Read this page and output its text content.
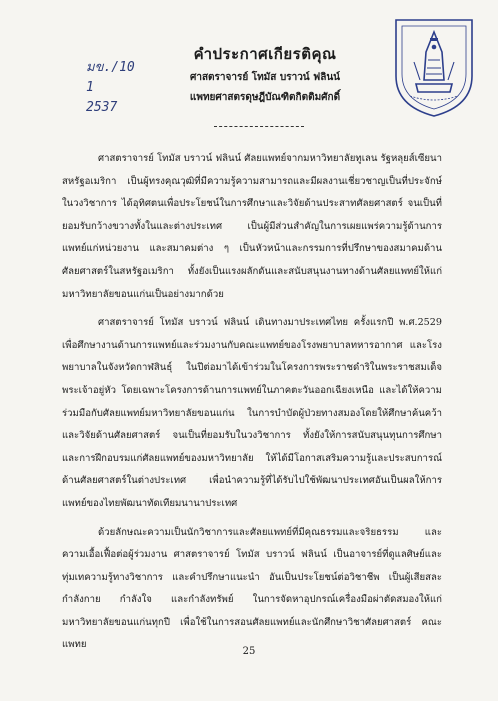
มข./10
1
2537
คำประกาศเกียรติคุณ
ศาสตราจารย์ โทมัส บราวน์ ฟลินน์
แพทยศาสตรดุษฎีบัณฑิตกิตติมศักดิ์

ศาสตราจารย์ โทมัส บราวน์ ฟลินน์ ศัลยแพทย์จากมหาวิทยาลัยทูเลน รัฐหลุยส์เซียนา สหรัฐอเมริกา เป็นผู้ทรงคุณวุฒิที่มีความรู้ความสามารถและมีผลงานเชี่ยวชาญเป็นที่ประจักษ์ในวงวิชาการ ได้อุทิศตนเพื่อประโยชน์ในการศึกษาและวิจัยด้านประสาทศัลยศาสตร์ จนเป็นที่ยอมรับกว้างขวางทั้งในและต่างประเทศ เป็นผู้มีส่วนสำคัญในการเผยแพร่ความรู้ด้านการแพทย์แก่หน่วยงาน และสมาคมต่าง ๆ เป็นหัวหน้าและกรรมการที่ปรึกษาของสมาคมด้านศัลยศาสตร์ในสหรัฐอเมริกา ทั้งยังเป็นแรงผลักดันและสนับสนุนงานทางด้านศัลยแพทย์ให้แก่มหาวิทยาลัยขอนแก่นเป็นอย่างมากด้วย

ศาสตราจารย์ โทมัส บราวน์ ฟลินน์ เดินทางมาประเทศไทย ครั้งแรกปี พ.ศ.2529 เพื่อศึกษางานด้านการแพทย์และร่วมงานกับคณะแพทย์ของโรงพยาบาลทหารอากาศ และโรงพยาบาลในจังหวัดกาฬสินธุ์ ในปีต่อมาได้เข้าร่วมในโครงการพระราชดำริในพระราชสมเด็จพระเจ้าอยู่หัว โดยเฉพาะโครงการด้านการแพทย์ในภาคตะวันออกเฉียงเหนือ และได้ให้ความร่วมมือกับศัลยแพทย์มหาวิทยาลัยขอนแก่น ในการบำบัดผู้ป่วยทางสมองโดยให้ศึกษาค้นคว้า และวิจัยด้านศัลยศาสตร์ จนเป็นที่ยอมรับในวงวิชาการ ทั้งยังให้การสนับสนุนทุนการศึกษา และการฝึกอบรมแก่ศัลยแพทย์ของมหาวิทยาลัย ให้ได้มีโอกาสเสริมความรู้และประสบการณ์ด้านศัลยศาสตร์ในต่างประเทศ เพื่อนำความรู้ที่ได้รับไปใช้พัฒนาประเทศอันเป็นผลให้การแพทย์ของไทยพัฒนาทัดเทียมนานาประเทศ

ด้วยลักษณะความเป็นนักวิชาการและศัลยแพทย์ที่มีคุณธรรมและจริยธรรม และความเอื้อเฟื้อต่อผู้ร่วมงาน ศาสตราจารย์ โทมัส บราวน์ ฟลินน์ เป็นอาจารย์ที่ดูแลศิษย์และทุ่มเทความรู้ทางวิชาการ และคำปรึกษาแนะนำ อันเป็นประโยชน์ต่อวิชาชีพ เป็นผู้เสียสละกำลังกาย กำลังใจ และกำลังทรัพย์ ในการจัดหาอุปกรณ์เครื่องมือผ่าตัดสมองให้แก่มหาวิทยาลัยขอนแก่นทุกปี เพื่อใช้ในการสอนศัลยแพทย์และนักศึกษาวิชาศัลยศาสตร์ คณะแพทย

25
